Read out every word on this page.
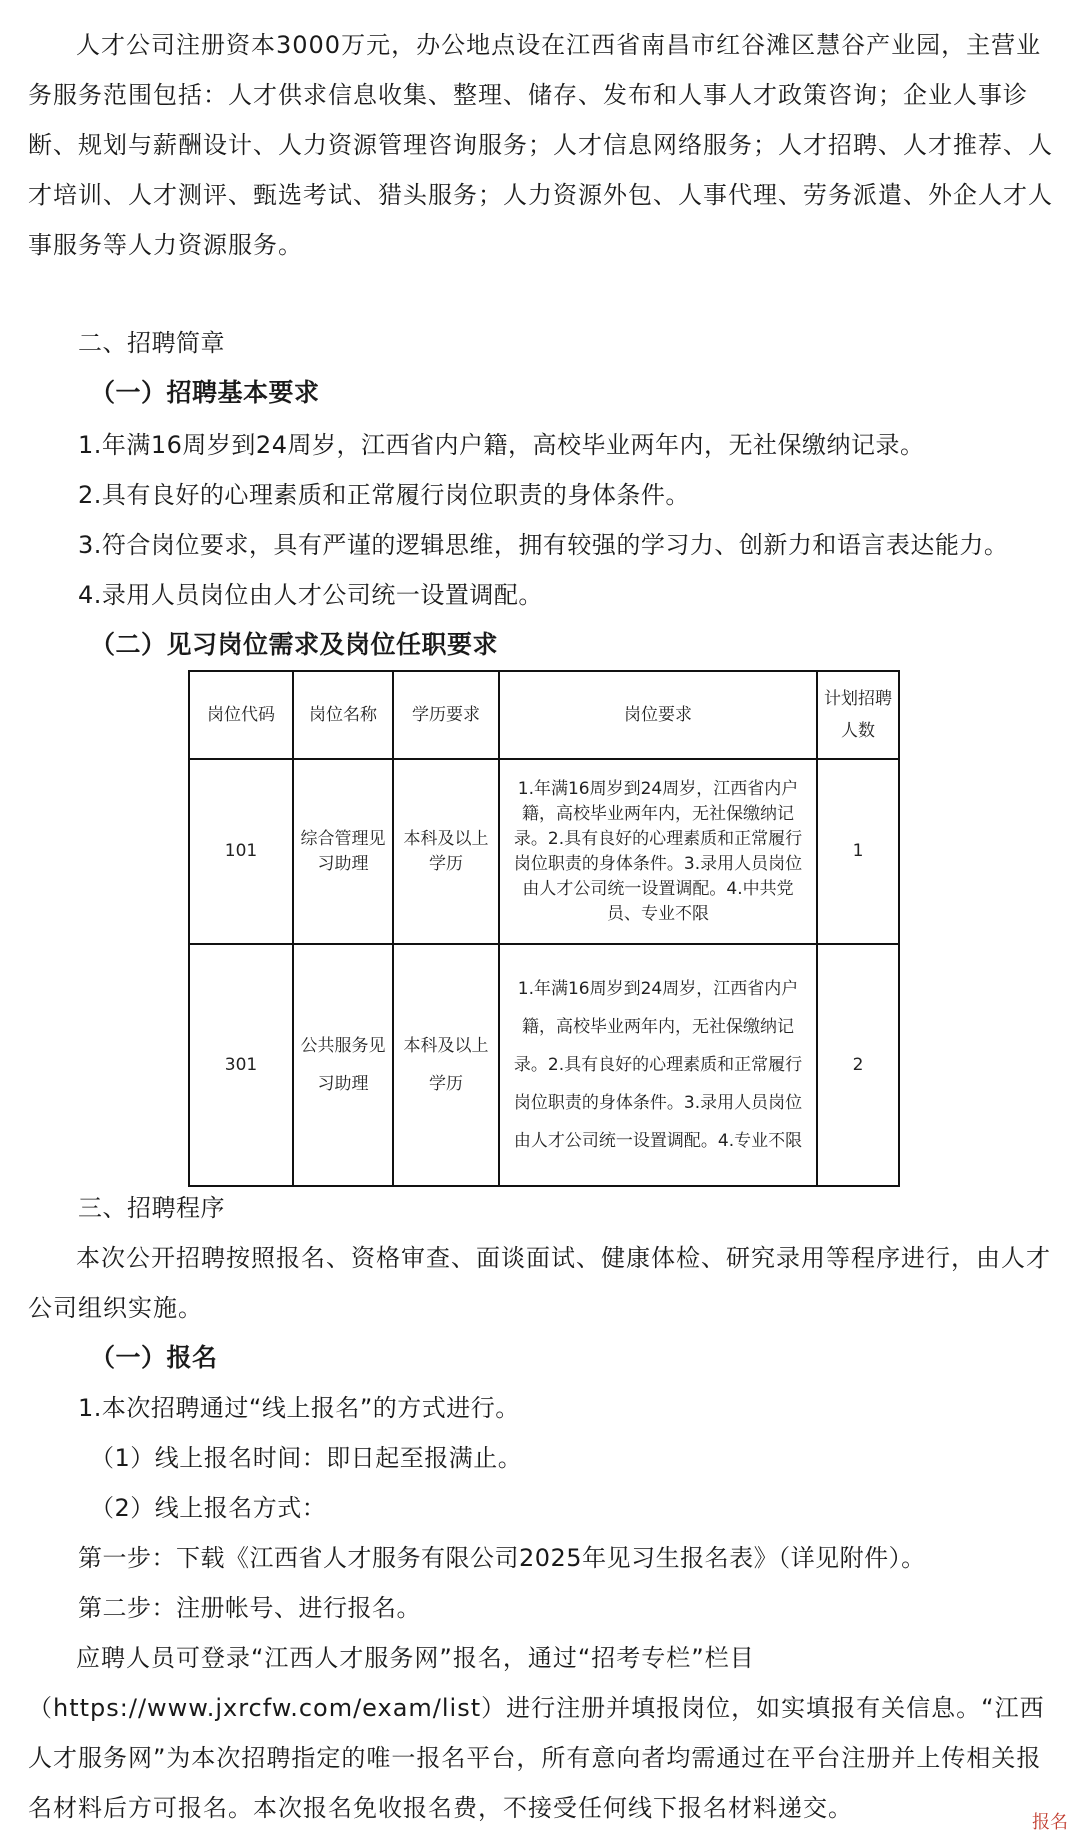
人才公司注册资本3000万元，办公地点设在江西省南昌市红谷滩区慧谷产业园，主营业务服务范围包括：人才供求信息收集、整理、储存、发布和人事人才政策咨询；企业人事诊断、规划与薪酬设计、人力资源管理咨询服务；人才信息网络服务；人才招聘、人才推荐、人才培训、人才测评、甄选考试、猎头服务；人力资源外包、人事代理、劳务派遣、外企人才人事服务等人力资源服务。

二、招聘简章

（一）招聘基本要求

1.年满16周岁到24周岁，江西省内户籍，高校毕业两年内，无社保缴纳记录。

2.具有良好的心理素质和正常履行岗位职责的身体条件。

3.符合岗位要求，具有严谨的逻辑思维，拥有较强的学习力、创新力和语言表达能力。

4.录用人员岗位由人才公司统一设置调配。

（二）见习岗位需求及岗位任职要求

岗位代码	岗位名称	学历要求	岗位要求	计划招聘人数
101	综合管理见习助理	本科及以上学历	1.年满16周岁到24周岁，江西省内户籍，高校毕业两年内，无社保缴纳记录。2.具有良好的心理素质和正常履行岗位职责的身体条件。3.录用人员岗位由人才公司统一设置调配。4.中共党员、专业不限	1
301	公共服务见习助理	本科及以上学历	1.年满16周岁到24周岁，江西省内户籍，高校毕业两年内，无社保缴纳记录。2.具有良好的心理素质和正常履行岗位职责的身体条件。3.录用人员岗位由人才公司统一设置调配。4.专业不限	2

三、招聘程序

本次公开招聘按照报名、资格审查、面谈面试、健康体检、研究录用等程序进行，由人才公司组织实施。

（一）报名

1.本次招聘通过“线上报名”的方式进行。

（1）线上报名时间：即日起至报满止。

（2）线上报名方式：

第一步：下载《江西省人才服务有限公司2025年见习生报名表》（详见附件）。

第二步：注册帐号、进行报名。

应聘人员可登录“江西人才服务网”报名，通过“招考专栏”栏目（https://www.jxrcfw.com/exam/list）进行注册并填报岗位，如实填报有关信息。“江西人才服务网”为本次招聘指定的唯一报名平台，所有意向者均需通过在平台注册并上传相关报名材料后方可报名。本次报名免收报名费，不接受任何线下报名材料递交。

报名
